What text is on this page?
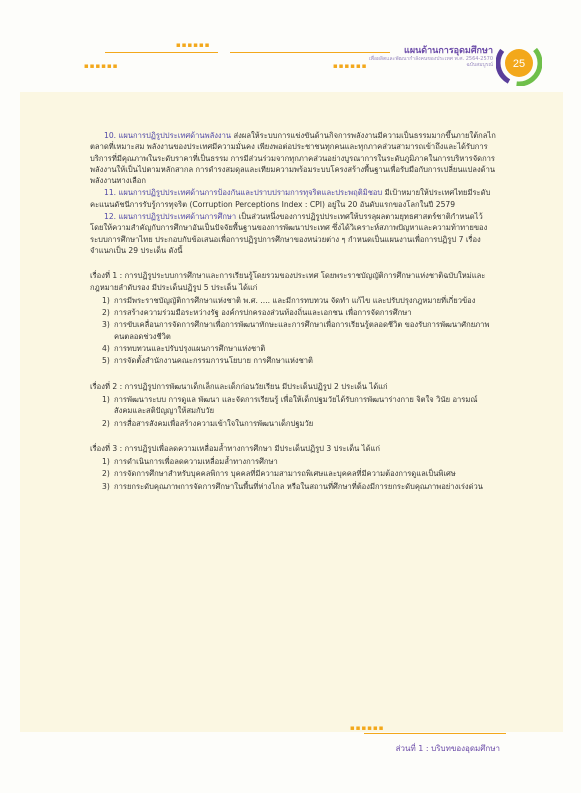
▪▪▪▪▪▪
▪▪▪▪▪▪	▪▪▪▪▪▪
แผนด้านการอุดมศึกษา
เพื่อผลิตและพัฒนากำลังคนของประเทศ พ.ศ. 2564-2570
ฉบับสมบูรณ์ 25

10. แผนการปฏิรูปประเทศด้านพลังงาน ส่งผลให้ระบบการแข่งขันด้านกิจการพลังงานมีความเป็นธรรมมากขึ้นภายใต้กลไกตลาดที่เหมาะสม พลังงานของประเทศมีความมั่นคง เพียงพอต่อประชาชนทุกคนและทุกภาคส่วนสามารถเข้าถึงและได้รับการบริการที่มีคุณภาพในระดับราคาที่เป็นธรรม การมีส่วนร่วมจากทุกภาคส่วนอย่างบูรณาการในระดับภูมิภาคในการบริหารจัดการพลังงานให้เป็นไปตามหลักสากล การดำรงสมดุลและเทียมความพร้อมระบบโครงสร้างพื้นฐานเพื่อรับมือกับการเปลี่ยนแปลงด้านพลังงานทางเลือก

11. แผนการปฏิรูปประเทศด้านการป้องกันและปราบปรามการทุจริตและประพฤติมิชอบ มีเป้าหมายให้ประเทศไทยมีระดับคะแนนดัชนีการรับรู้การทุจริต (Corruption Perceptions Index : CPI) อยู่ใน 20 อันดับแรกของโลกในปี 2579

12. แผนการปฏิรูปประเทศด้านการศึกษา เป็นส่วนหนึ่งของการปฏิรูปประเทศให้บรรลุผลตามยุทธศาสตร์ชาติกำหนดไว้ โดยให้ความสำคัญกับการศึกษาอันเป็นปัจจัยพื้นฐานของการพัฒนาประเทศ ซึ่งได้วิเคราะห์สภาพปัญหาและความท้าทายของระบบการศึกษาไทย ประกอบกับข้อเสนอเพื่อการปฏิรูปการศึกษาของหน่วยต่าง ๆ กำหนดเป็นแผนงานเพื่อการปฏิรูป 7 เรื่อง จำแนกเป็น 29 ประเด็น ดังนี้

เรื่องที่ 1 : การปฏิรูประบบการศึกษาและการเรียนรู้โดยรวมของประเทศ โดยพระราชบัญญัติการศึกษาแห่งชาติฉบับใหม่และกฎหมายลำดับรอง มีประเด็นปฏิรูป 5 ประเด็น ได้แก่

1) การมีพระราชบัญญัติการศึกษาแห่งชาติ พ.ศ. .... และมีการทบทวน จัดทำ แก้ไข และปรับปรุงกฎหมายที่เกี่ยวข้อง
2) การสร้างความร่วมมือระหว่างรัฐ องค์กรปกครองส่วนท้องถิ่นและเอกชน เพื่อการจัดการศึกษา
3) การขับเคลื่อนการจัดการศึกษาเพื่อการพัฒนาทักษะและการศึกษาเพื่อการเรียนรู้ตลอดชีวิต ของรับการพัฒนาศักยภาพคนตลอดช่วงชีวิต
4) การทบทวนและปรับปรุงแผนการศึกษาแห่งชาติ
5) การจัดตั้งสำนักงานคณะกรรมการนโยบาย การศึกษาแห่งชาติ

เรื่องที่ 2 : การปฏิรูปการพัฒนาเด็กเล็กและเด็กก่อนวัยเรียน มีประเด็นปฏิรูป 2 ประเด็น ได้แก่

1) การพัฒนาระบบ การดูแล พัฒนา และจัดการเรียนรู้ เพื่อให้เด็กปฐมวัยได้รับการพัฒนาร่างกาย จิตใจ วินัย อารมณ์ สังคมและสติปัญญาให้สมกับวัย
2) การสื่อสารสังคมเพื่อสร้างความเข้าใจในการพัฒนาเด็กปฐมวัย

เรื่องที่ 3 : การปฏิรูปเพื่อลดความเหลื่อมล้ำทางการศึกษา มีประเด็นปฏิรูป 3 ประเด็น ได้แก่

1) การดำเนินการเพื่อลดความเหลื่อมล้ำทางการศึกษา
2) การจัดการศึกษาสำหรับบุคคลพิการ บุคคลที่มีความสามารถพิเศษและบุคคลที่มีความต้องการดูแลเป็นพิเศษ
3) การยกระดับคุณภาพการจัดการศึกษาในพื้นที่ห่างไกล หรือในสถานที่ศึกษาที่ต้องมีการยกระดับคุณภาพอย่างเร่งด่วน
▪▪▪▪▪▪
ส่วนที่ 1 : บริบทของอุดมศึกษา
